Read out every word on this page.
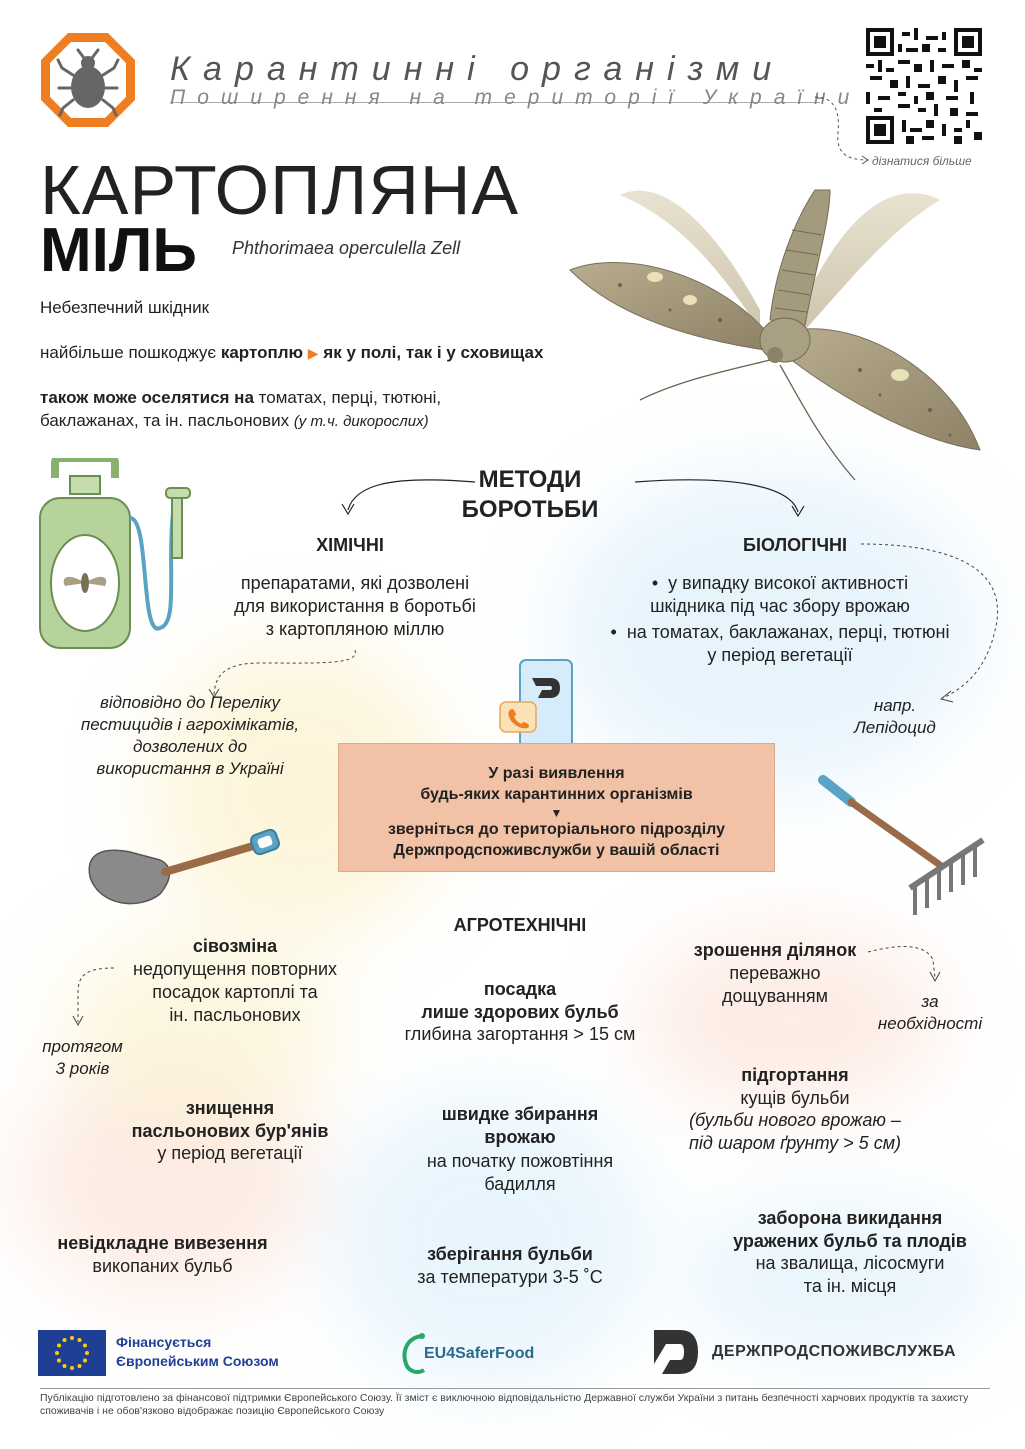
Карантинні організми
Поширення на території України
дізнатися більше
КАРТОПЛЯНА
МІЛЬ Phthorimaea operculella Zell
Небезпечний шкідник
найбільше пошкоджує картоплю ▶ як у полі, так і у сховищах
також може оселятися на томатах, перці, тютюні,
баклажанах, та ін. пасльонових (у т.ч. дикорослих)
МЕТОДИ
БОРОТЬБИ
ХІМІЧНІ
препаратами, які дозволені
для використання в боротьбі
з картопляною міллю
відповідно до Переліку
пестицидів і агрохімікатів,
дозволених до
використання в Україні
БІОЛОГІЧНІ
•  у випадку високої активності
шкідника під час збору врожаю
•  на томатах, баклажанах, перці, тютюні
у період вегетації
напр.
Лепідоцид
У разі виявлення
будь-яких карантинних організмів
▼
зверніться до територіального підрозділу
Держпродспоживслужби у вашій області
АГРОТЕХНІЧНІ
сівозміна
недопущення повторних
посадок картоплі та
ін. пасльонових
протягом
3 років
посадка
лише здорових бульб
глибина загортання > 15 см
зрошення ділянок
переважно
дощуванням	за
необхідності
підгортання
кущів бульби
(бульби нового врожаю –
під шаром ґрунту > 5 см)
знищення
пасльонових бур'янів
у період вегетації
швидке збирання
врожаю
на початку пожовтіння
бадилля
невідкладне вивезення
викопаних бульб
зберігання бульби
за температури 3-5 ˚С
заборона викидання
уражених бульб та плодів
на звалища, лісосмуги
та ін. місця
Фінансується
Європейським Союзом	EU4SaferFood	ДЕРЖПРОДСПОЖИВСЛУЖБА
Публікацію підготовлено за фінансової підтримки Європейського Союзу. Її зміст є виключною відповідальністю Державної служби України з питань безпечності харчових продуктів та захисту споживачів і не обов'язково відображає позицію Європейського Союзу
